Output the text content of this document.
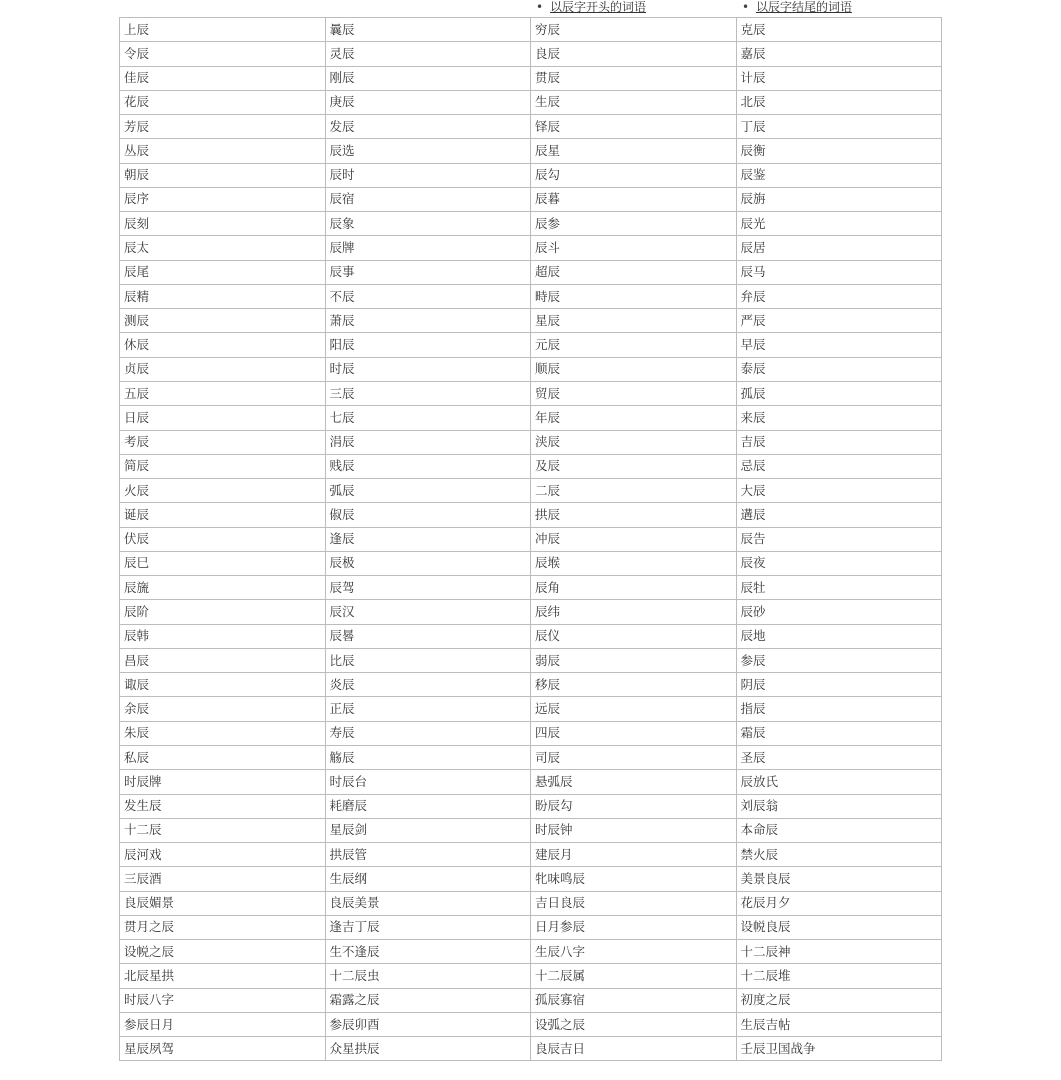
• 以辰字开头的词语	• 以辰字结尾的词语
上辰	曩辰	穷辰	克辰
令辰	灵辰	良辰	嘉辰
佳辰	刚辰	贯辰	计辰
花辰	庚辰	生辰	北辰
芳辰	发辰	铎辰	丁辰
丛辰	辰选	辰星	辰衡
朝辰	辰时	辰勾	辰鉴
辰序	辰宿	辰暮	辰旃
辰刻	辰象	辰参	辰光
辰太	辰牌	辰斗	辰居
辰尾	辰事	超辰	辰马
辰精	不辰	畤辰	弁辰
测辰	萧辰	星辰	严辰
休辰	阳辰	元辰	早辰
贞辰	时辰	顺辰	泰辰
五辰	三辰	贸辰	孤辰
日辰	七辰	年辰	来辰
考辰	涓辰	浃辰	吉辰
简辰	贱辰	及辰	忌辰
火辰	弧辰	二辰	大辰
诞辰	俶辰	拱辰	遘辰
伏辰	逢辰	冲辰	辰告
辰巳	辰极	辰堠	辰夜
辰旒	辰驾	辰角	辰牡
辰阶	辰汉	辰纬	辰砂
辰韩	辰晷	辰仪	辰地
昌辰	比辰	弱辰	参辰
诹辰	炎辰	移辰	阴辰
余辰	正辰	远辰	指辰
朱辰	寿辰	四辰	霜辰
私辰	觞辰	司辰	圣辰
时辰牌	时辰台	悬弧辰	辰放氏
发生辰	耗磨辰	盼辰勾	刘辰翁
十二辰	星辰剑	时辰钟	本命辰
辰河戏	拱辰管	建辰月	禁火辰
三辰酒	生辰纲	牝味鸣辰	美景良辰
良辰媚景	良辰美景	吉日良辰	花辰月夕
贯月之辰	逢吉丁辰	日月参辰	设帨良辰
设帨之辰	生不逢辰	生辰八字	十二辰神
北辰星拱	十二辰虫	十二辰属	十二辰堆
时辰八字	霜露之辰	孤辰寡宿	初度之辰
参辰日月	参辰卯酉	设弧之辰	生辰吉帖
星辰夙驾	众星拱辰	良辰吉日	壬辰卫国战争
